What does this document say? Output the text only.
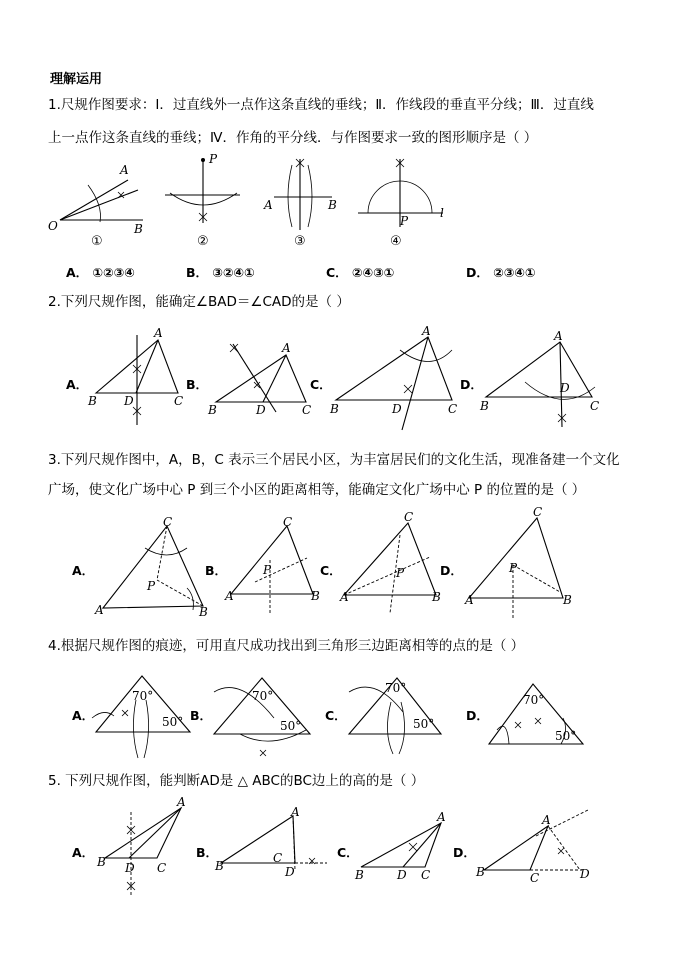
理解运用
1.尺规作图要求：Ⅰ．过直线外一点作这条直线的垂线；Ⅱ．作线段的垂直平分线；Ⅲ．过直线
上一点作这条直线的垂线；Ⅳ．作角的平分线．与作图要求一致的图形顺序是（ ）
O
A
B
①
P
②
A	B
③
P
l
④
A． ①②③④	B． ③②④①	C． ②④③①	D． ②③④①
2.下列尺规作图，能确定∠BAD＝∠CAD的是（ ）
A．
B D	C
A
B．
B	D	C
A
C．
B	D	C
A
D．
B
D
C
A
3.下列尺规作图中，A，B，C 表示三个居民小区，为丰富居民们的文化生活，现准备建一个文化
广场，使文化广场中心 P 到三个小区的距离相等，能确定文化广场中心 P 的位置的是（ ）
A．
C
P
A	B
B．
C
P
A	B
C．
C
P
A	B
D．
C
P
A	B
4.根据尺规作图的痕迹，可用直尺成功找出到三角形三边距离相等的点的是（ ）
A．
70°
50° B．
70°
50°
C．
70°
50°
D．
70°
50°
5. 下列尺规作图，能判断AD是 △ ABC的BC边上的高的是（ ）
A．
B D C
A
B．
B
C
D
A
C．
B	D C
A
D．
B	C	D
A
